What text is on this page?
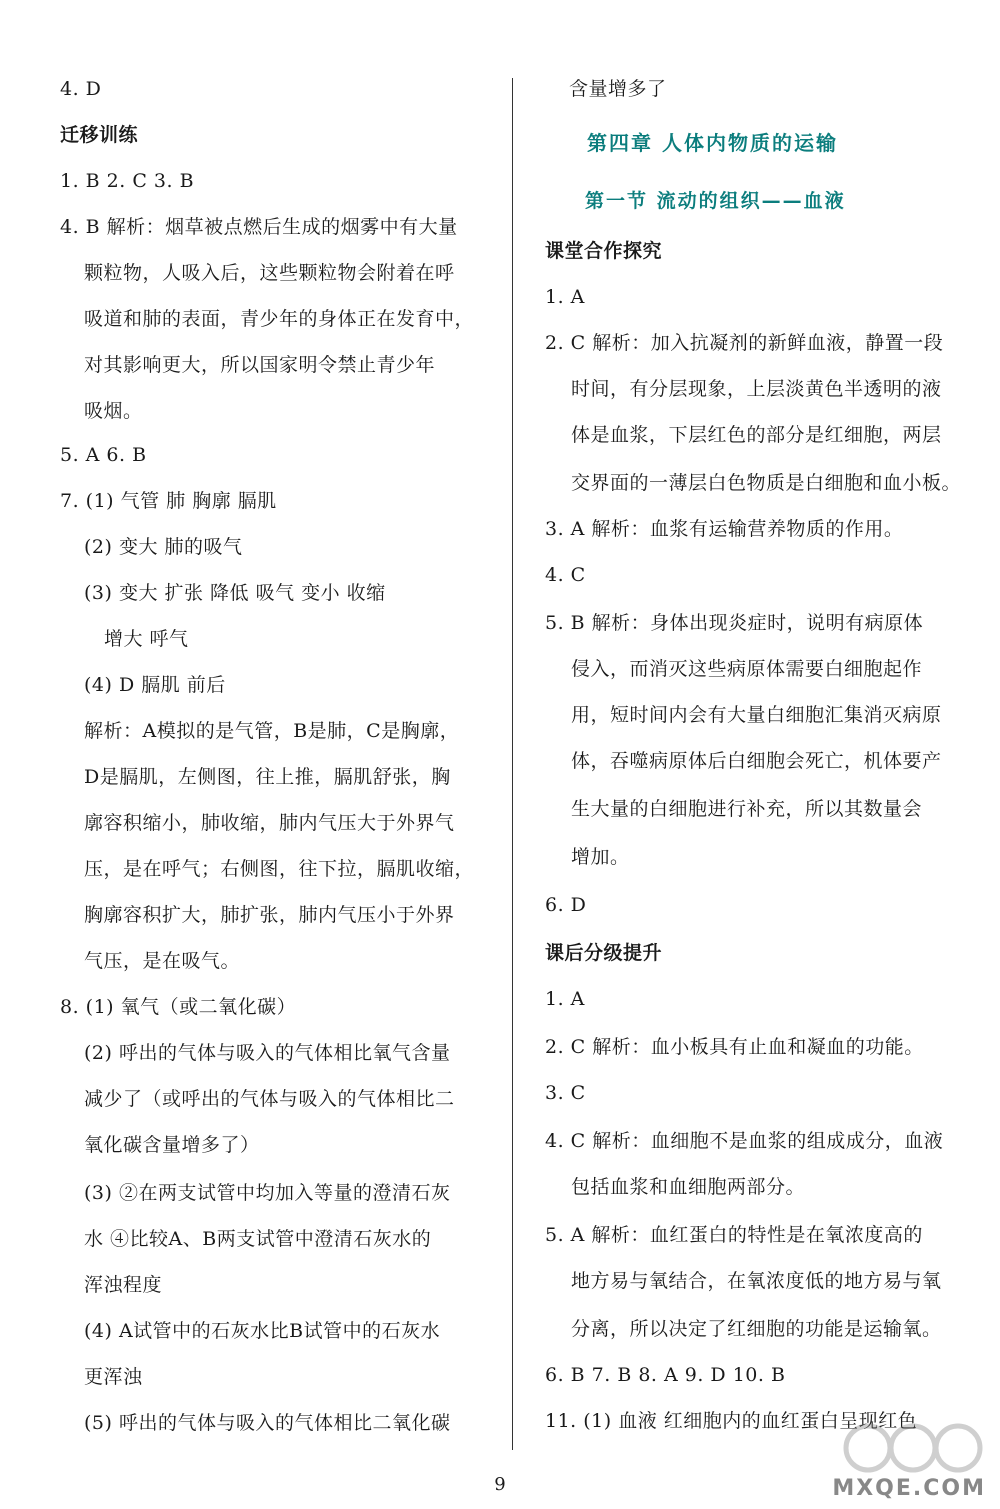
4. D
迁移训练
1. B 2. C 3. B
4. B 解析：烟草被点燃后生成的烟雾中有大量
颗粒物，人吸入后，这些颗粒物会附着在呼
吸道和肺的表面，青少年的身体正在发育中，
对其影响更大，所以国家明令禁止青少年
吸烟。
5. A 6. B
7. (1) 气管 肺 胸廓 膈肌
(2) 变大 肺的吸气
(3) 变大 扩张 降低 吸气 变小 收缩
增大 呼气
(4) D 膈肌 前后
解析：A模拟的是气管，B是肺，C是胸廓，
D是膈肌，左侧图，往上推，膈肌舒张，胸
廓容积缩小，肺收缩，肺内气压大于外界气
压，是在呼气；右侧图，往下拉，膈肌收缩，
胸廓容积扩大，肺扩张，肺内气压小于外界
气压，是在吸气。
8. (1) 氧气（或二氧化碳）
(2) 呼出的气体与吸入的气体相比氧气含量
减少了（或呼出的气体与吸入的气体相比二
氧化碳含量增多了）
(3) ②在两支试管中均加入等量的澄清石灰
水 ④比较A、B两支试管中澄清石灰水的
浑浊程度
(4) A试管中的石灰水比B试管中的石灰水
更浑浊
(5) 呼出的气体与吸入的气体相比二氧化碳
含量增多了
第四章 人体内物质的运输
第一节 流动的组织——血液
课堂合作探究
1. A
2. C 解析：加入抗凝剂的新鲜血液，静置一段
时间，有分层现象，上层淡黄色半透明的液
体是血浆，下层红色的部分是红细胞，两层
交界面的一薄层白色物质是白细胞和血小板。
3. A 解析：血浆有运输营养物质的作用。
4. C
5. B 解析：身体出现炎症时，说明有病原体
侵入，而消灭这些病原体需要白细胞起作
用，短时间内会有大量白细胞汇集消灭病原
体，吞噬病原体后白细胞会死亡，机体要产
生大量的白细胞进行补充，所以其数量会
增加。
6. D
课后分级提升
1. A
2. C 解析：血小板具有止血和凝血的功能。
3. C
4. C 解析：血细胞不是血浆的组成成分，血液
包括血浆和血细胞两部分。
5. A 解析：血红蛋白的特性是在氧浓度高的
地方易与氧结合，在氧浓度低的地方易与氧
分离，所以决定了红细胞的功能是运输氧。
6. B 7. B 8. A 9. D 10. B
11. (1) 血液 红细胞内的血红蛋白呈现红色
9	MXQE.COM
